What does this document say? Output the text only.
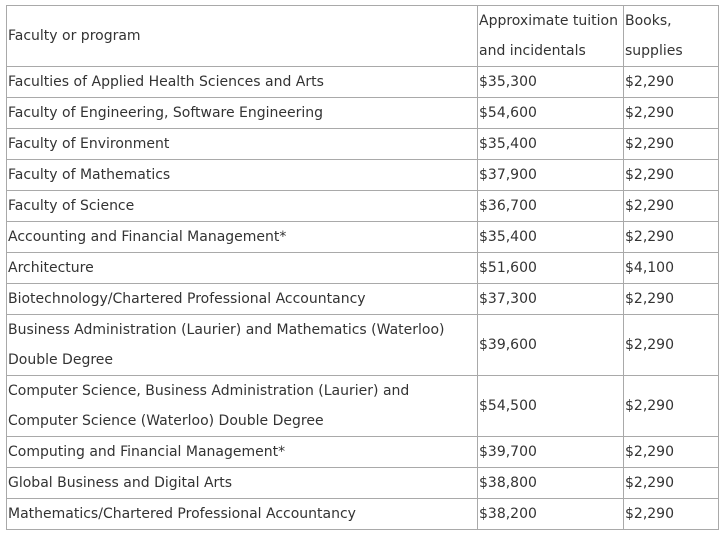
Faculty or program	Approximate tuition and incidentals	Books, supplies
Faculties of Applied Health Sciences and Arts	$35,300	$2,290
Faculty of Engineering, Software Engineering	$54,600	$2,290
Faculty of Environment	$35,400	$2,290
Faculty of Mathematics	$37,900	$2,290
Faculty of Science	$36,700	$2,290
Accounting and Financial Management*	$35,400	$2,290
Architecture	$51,600	$4,100
Biotechnology/Chartered Professional Accountancy	$37,300	$2,290
Business Administration (Laurier) and Mathematics (Waterloo) Double Degree	$39,600	$2,290
Computer Science, Business Administration (Laurier) and Computer Science (Waterloo) Double Degree	$54,500	$2,290
Computing and Financial Management*	$39,700	$2,290
Global Business and Digital Arts	$38,800	$2,290
Mathematics/Chartered Professional Accountancy	$38,200	$2,290
